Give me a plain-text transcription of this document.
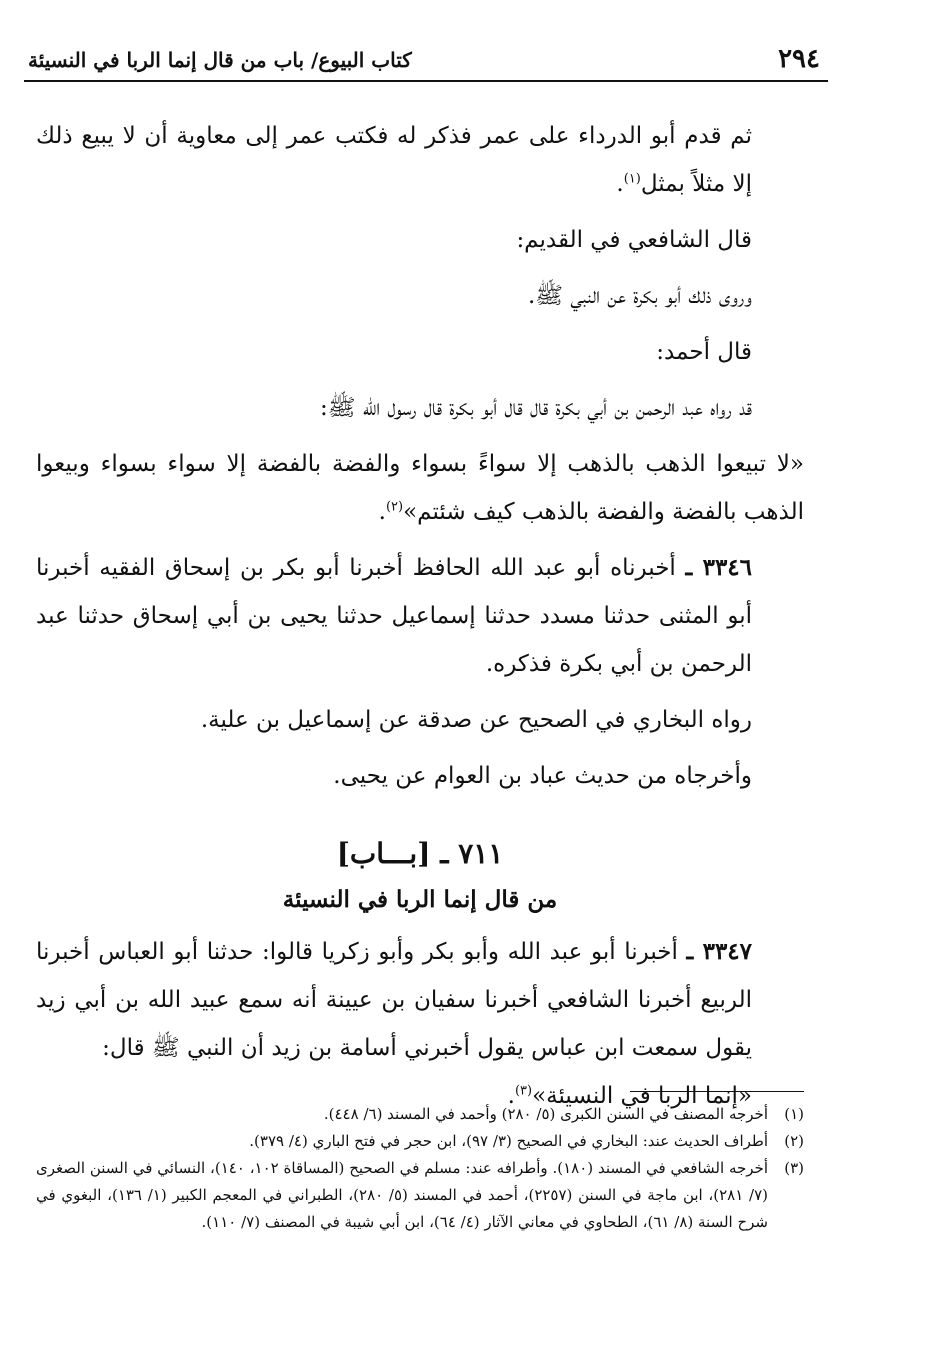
٢٩٤
كتاب البيوع/ باب من قال إنما الربا في النسيئة

ثم قدم أبو الدرداء على عمر فذكر له فكتب عمر إلى معاوية أن لا يبيع ذلك إلا مثلاً بمثل$^{(١)}$.

قال الشافعي في القديم:

وروى ذلك أبو بكرة عن النبي ﷺ.

قال أحمد:

قد رواه عبد الرحمن بن أبي بكرة قال قال أبو بكرة قال رسول الله ﷺ:

«لا تبيعوا الذهب بالذهب إلا سواءً بسواء والفضة بالفضة إلا سواء بسواء وبيعوا الذهب بالفضة والفضة بالذهب كيف شئتم»$^{(٢)}$.

٣٣٤٦ ـ أخبرناه أبو عبد الله الحافظ أخبرنا أبو بكر بن إسحاق الفقيه أخبرنا أبو المثنى حدثنا مسدد حدثنا إسماعيل حدثنا يحيى بن أبي إسحاق حدثنا عبد الرحمن بن أبي بكرة فذكره.

رواه البخاري في الصحيح عن صدقة عن إسماعيل بن علية.

وأخرجاه من حديث عباد بن العوام عن يحيى.

٧١١ ـ [بـــاب]

من قال إنما الربا في النسيئة

٣٣٤٧ ـ أخبرنا أبو عبد الله وأبو بكر وأبو زكريا قالوا: حدثنا أبو العباس أخبرنا الربيع أخبرنا الشافعي أخبرنا سفيان بن عيينة أنه سمع عبيد الله بن أبي زيد يقول سمعت ابن عباس يقول أخبرني أسامة بن زيد أن النبي ﷺ قال:

«إنما الربا في النسيئة»$^{(٣)}$.

(١)
أخرجه المصنف في السنن الكبرى (٥/ ٢٨٠) وأحمد في المسند (٦/ ٤٤٨).

(٢)
أطراف الحديث عند: البخاري في الصحيح (٣/ ٩٧)، ابن حجر في فتح الباري (٤/ ٣٧٩).

(٣)
أخرجه الشافعي في المسند (١٨٠). وأطرافه عند: مسلم في الصحيح (المساقاة ١٠٢، ١٤٠)، النسائي في السنن الصغرى (٧/ ٢٨١)، ابن ماجة في السنن (٢٢٥٧)، أحمد في المسند (٥/ ٢٨٠)، الطبراني في المعجم الكبير (١/ ١٣٦)، البغوي في شرح السنة (٨/ ٦١)، الطحاوي في معاني الآثار (٤/ ٦٤)، ابن أبي شيبة في المصنف (٧/ ١١٠).
